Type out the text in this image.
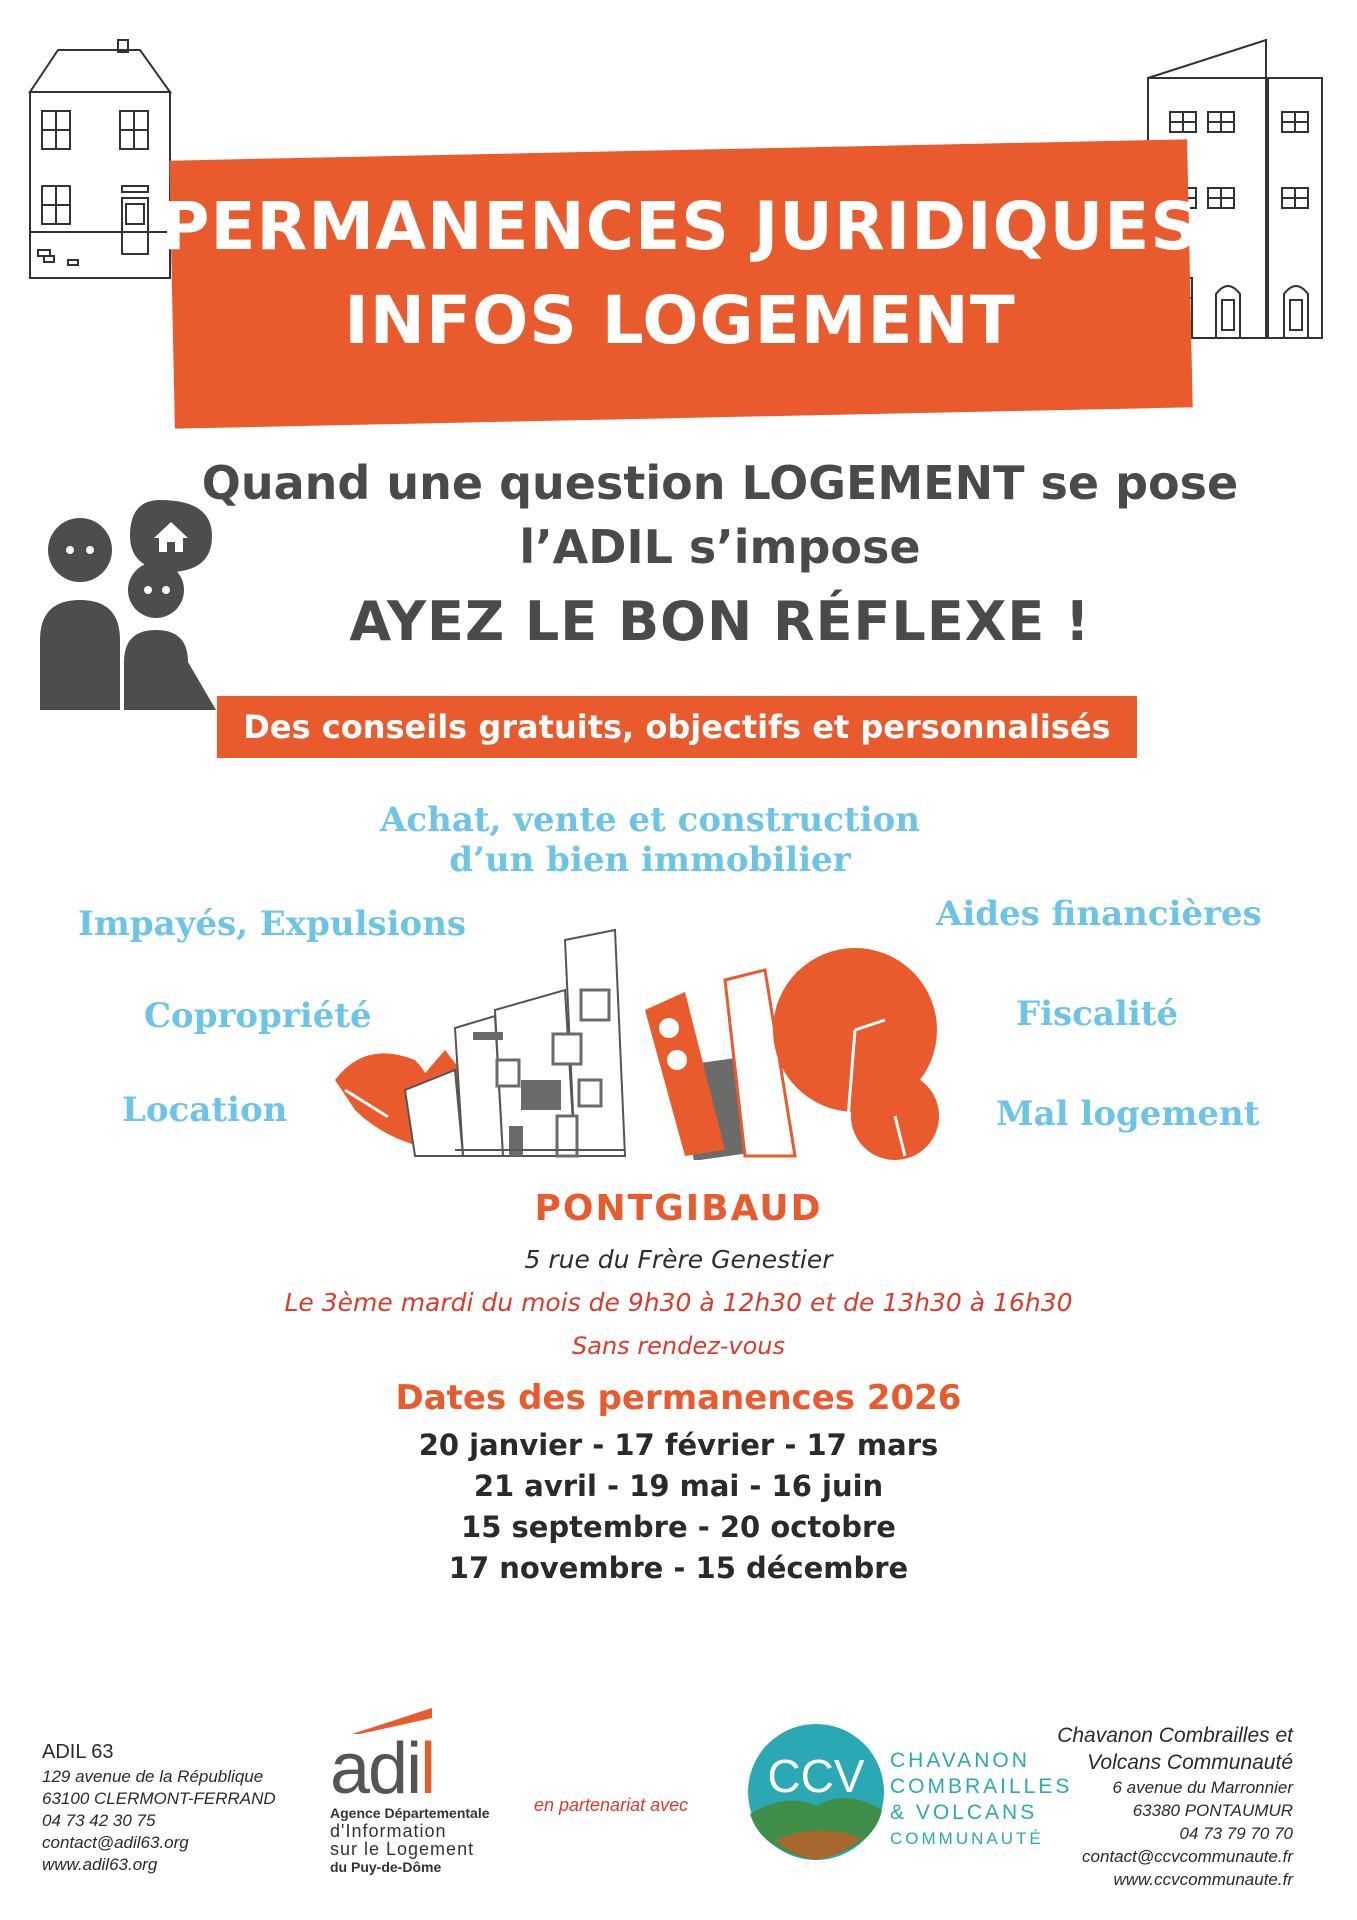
PERMANENCES JURIDIQUES
INFOS LOGEMENT
Quand une question LOGEMENT se pose
l’ADIL s’impose
AYEZ LE BON RÉFLEXE !
Des conseils gratuits, objectifs et personnalisés
Achat, vente et construction
d’un bien immobilier
Impayés, Expulsions
Copropriété
Location
Aides financières
Fiscalité
Mal logement
PONTGIBAUD
5 rue du Frère Genestier
Le 3ème mardi du mois de 9h30 à 12h30 et de 13h30 à 16h30
Sans rendez-vous
Dates des permanences 2026
20 janvier - 17 février - 17 mars
21 avril - 19 mai - 16 juin
15 septembre - 20 octobre
17 novembre - 15 décembre
ADIL 63
129 avenue de la République
63100 CLERMONT-FERRAND
04 73 42 30 75
contact@adil63.org
www.adil63.org
adil
Agence Départementale
d'Information
sur le Logement
du Puy-de-Dôme
en partenariat avec
CCV CHAVANON
COMBRAILLES
& VOLCANS
COMMUNAUTÉ
Chavanon Combrailles et
Volcans Communauté
6 avenue du Marronnier
63380 PONTAUMUR
04 73 79 70 70
contact@ccvcommunaute.fr
www.ccvcommunaute.fr
